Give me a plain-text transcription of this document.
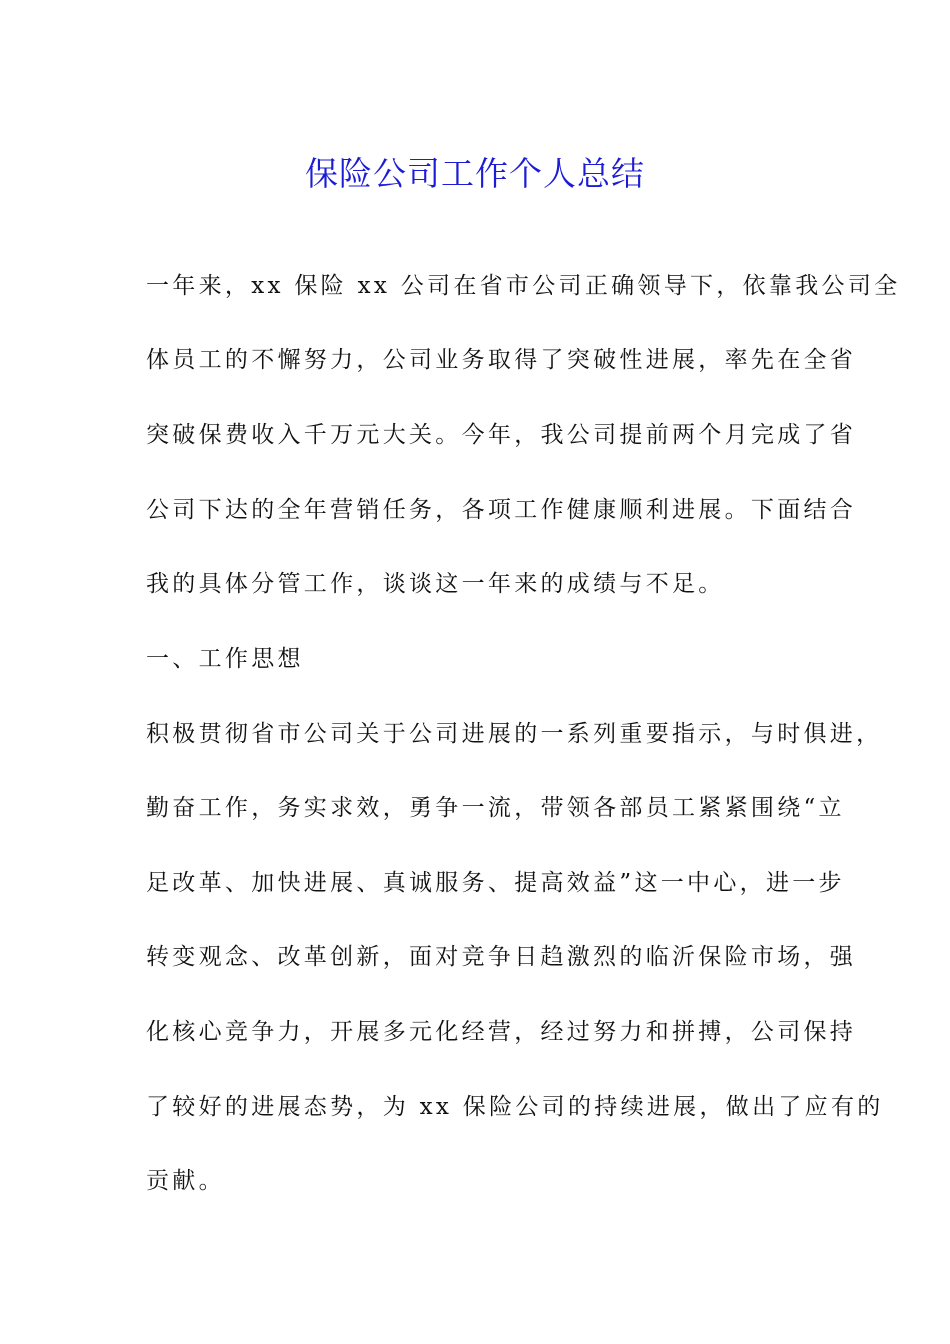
保险公司工作个人总结
一年来，xx 保险 xx 公司在省市公司正确领导下，依靠我公司全
体员工的不懈努力，公司业务取得了突破性进展，率先在全省
突破保费收入千万元大关。今年，我公司提前两个月完成了省
公司下达的全年营销任务，各项工作健康顺利进展。下面结合
我的具体分管工作，谈谈这一年来的成绩与不足。
一、工作思想
积极贯彻省市公司关于公司进展的一系列重要指示，与时俱进，
勤奋工作，务实求效，勇争一流，带领各部员工紧紧围绕“立
足改革、加快进展、真诚服务、提高效益”这一中心，进一步
转变观念、改革创新，面对竞争日趋激烈的临沂保险市场，强
化核心竞争力，开展多元化经营，经过努力和拼搏，公司保持
了较好的进展态势，为 xx 保险公司的持续进展，做出了应有的
贡献。
